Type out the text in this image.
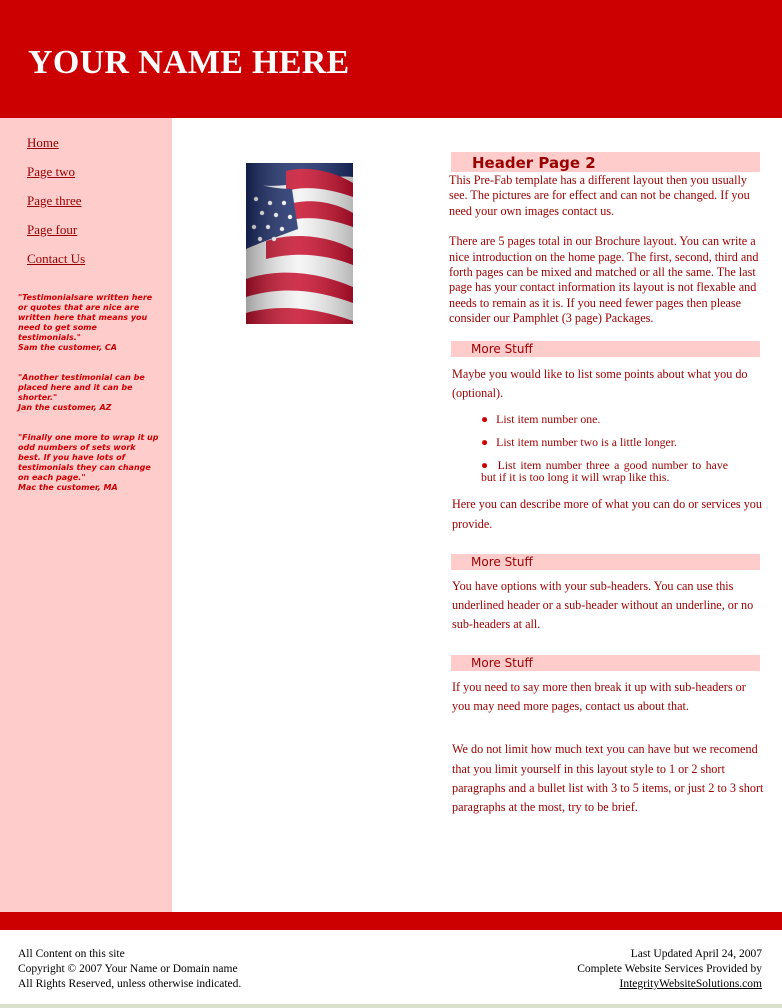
YOUR NAME HERE
Home
Page two
Page three
Page four
Contact Us

"Testimonialsare written here or quotes that are nice are written here that means you need to get some testimonials."
Sam the customer, CA

"Another testimonial can be placed here and it can be shorter."
Jan the customer, AZ

"Finally one more to wrap it up odd numbers of sets work best. If you have lots of testimonials they can change on each page."
Mac the customer, MA

Header Page 2

This Pre-Fab template has a different layout then you usually see. The pictures are for effect and can not be changed. If you need your own images contact us.

There are 5 pages total in our Brochure layout. You can write a nice introduction on the home page. The first, second, third and forth pages can be mixed and matched or all the same. The last page has your contact information its layout is not flexable and needs to remain as it is. If you need fewer pages then please consider our Pamphlet (3 page) Packages.

More Stuff

Maybe you would like to list some points about what you do (optional).

● List item number one.
● List item number two is a little longer.
● List item number three a good number to have but if it is too long it will wrap like this.

Here you can describe more of what you can do or services you provide.

More Stuff

You have options with your sub-headers. You can use this underlined header or a sub-header without an underline, or no sub-headers at all.

More Stuff

If you need to say more then break it up with sub-headers or you may need more pages, contact us about that.

We do not limit how much text you can have but we recomend that you limit yourself in this layout style to 1 or 2 short paragraphs and a bullet list with 3 to 5 items, or just 2 to 3 short paragraphs at the most, try to be brief.

All Content on this site
Copyright © 2007 Your Name or Domain name
All Rights Reserved, unless otherwise indicated.
Last Updated April 24, 2007
Complete Website Services Provided by
IntegrityWebsiteSolutions.com
